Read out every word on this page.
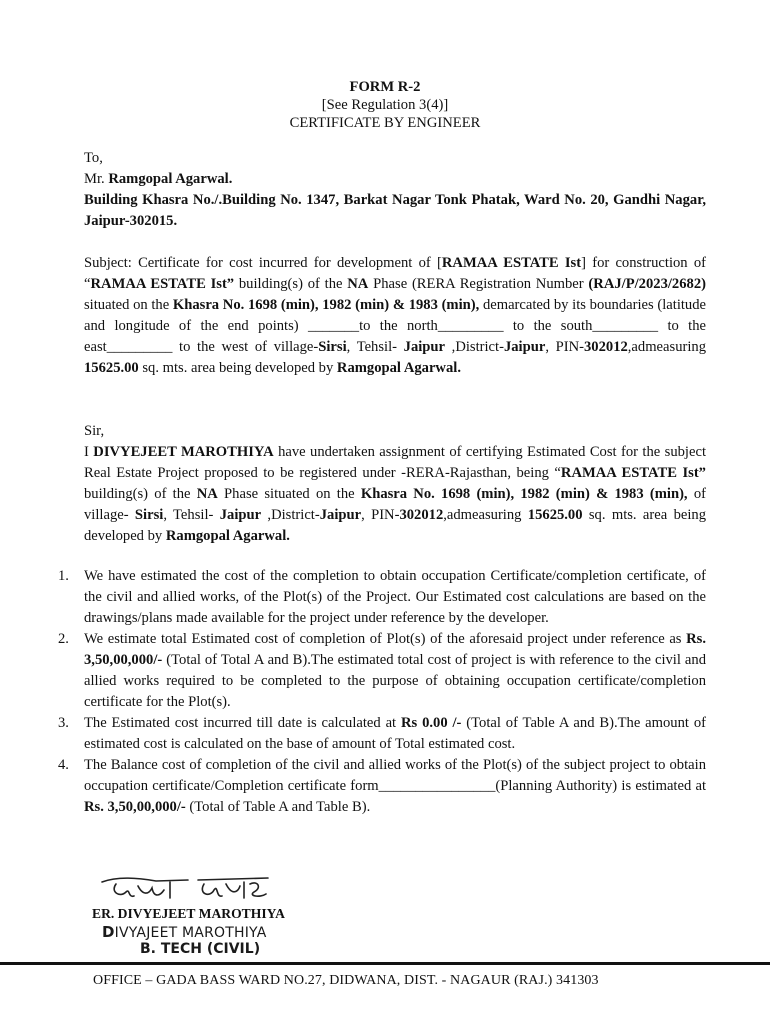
FORM R-2
[See Regulation 3(4)]
CERTIFICATE BY ENGINEER

To,

Mr. Ramgopal Agarwal.

Building Khasra No./.Building No. 1347, Barkat Nagar Tonk Phatak, Ward No. 20, Gandhi Nagar, Jaipur-302015.

Subject: Certificate for cost incurred for development of [RAMAA ESTATE Ist] for construction of “RAMAA ESTATE Ist” building(s) of the NA Phase (RERA Registration Number (RAJ/P/2023/2682) situated on the Khasra No. 1698 (min), 1982 (min) & 1983 (min), demarcated by its boundaries (latitude and longitude of the end points) _______to the north_________ to the south_________ to the east_________ to the west of village-Sirsi, Tehsil- Jaipur ,District-Jaipur, PIN-302012,admeasuring 15625.00 sq. mts. area being developed by Ramgopal Agarwal.

Sir,

I DIVYEJEET MAROTHIYA have undertaken assignment of certifying Estimated Cost for the subject Real Estate Project proposed to be registered under -RERA-Rajasthan, being “RAMAA ESTATE Ist” building(s) of the NA Phase situated on the Khasra No. 1698 (min), 1982 (min) & 1983 (min), of village- Sirsi, Tehsil- Jaipur ,District-Jaipur, PIN-302012,admeasuring 15625.00 sq. mts. area being developed by Ramgopal Agarwal.

1.	We have estimated the cost of the completion to obtain occupation Certificate/completion certificate, of the civil and allied works, of the Plot(s) of the Project. Our Estimated cost calculations are based on the drawings/plans made available for the project under reference by the developer.
2.	We estimate total Estimated cost of completion of Plot(s) of the aforesaid project under reference as Rs. 3,50,00,000/- (Total of Total A and B).The estimated total cost of project is with reference to the civil and allied works required to be completed to the purpose of obtaining occupation certificate/completion certificate for the Plot(s).
3.	The Estimated cost incurred till date is calculated at Rs 0.00 /- (Total of Table A and B).The amount of estimated cost is calculated on the base of amount of Total estimated cost.
4.	The Balance cost of completion of the civil and allied works of the Plot(s) of the subject project to obtain occupation certificate/Completion certificate form________________(Planning Authority) is estimated at Rs. 3,50,00,000/- (Total of Table A and Table B).
ER. DIVYEJEET MAROTHIYA
DIVYAJEET MAROTHIYA
B. TECH (CIVIL)
OFFICE – GADA BASS WARD NO.27, DIDWANA, DIST. - NAGAUR (RAJ.) 341303
